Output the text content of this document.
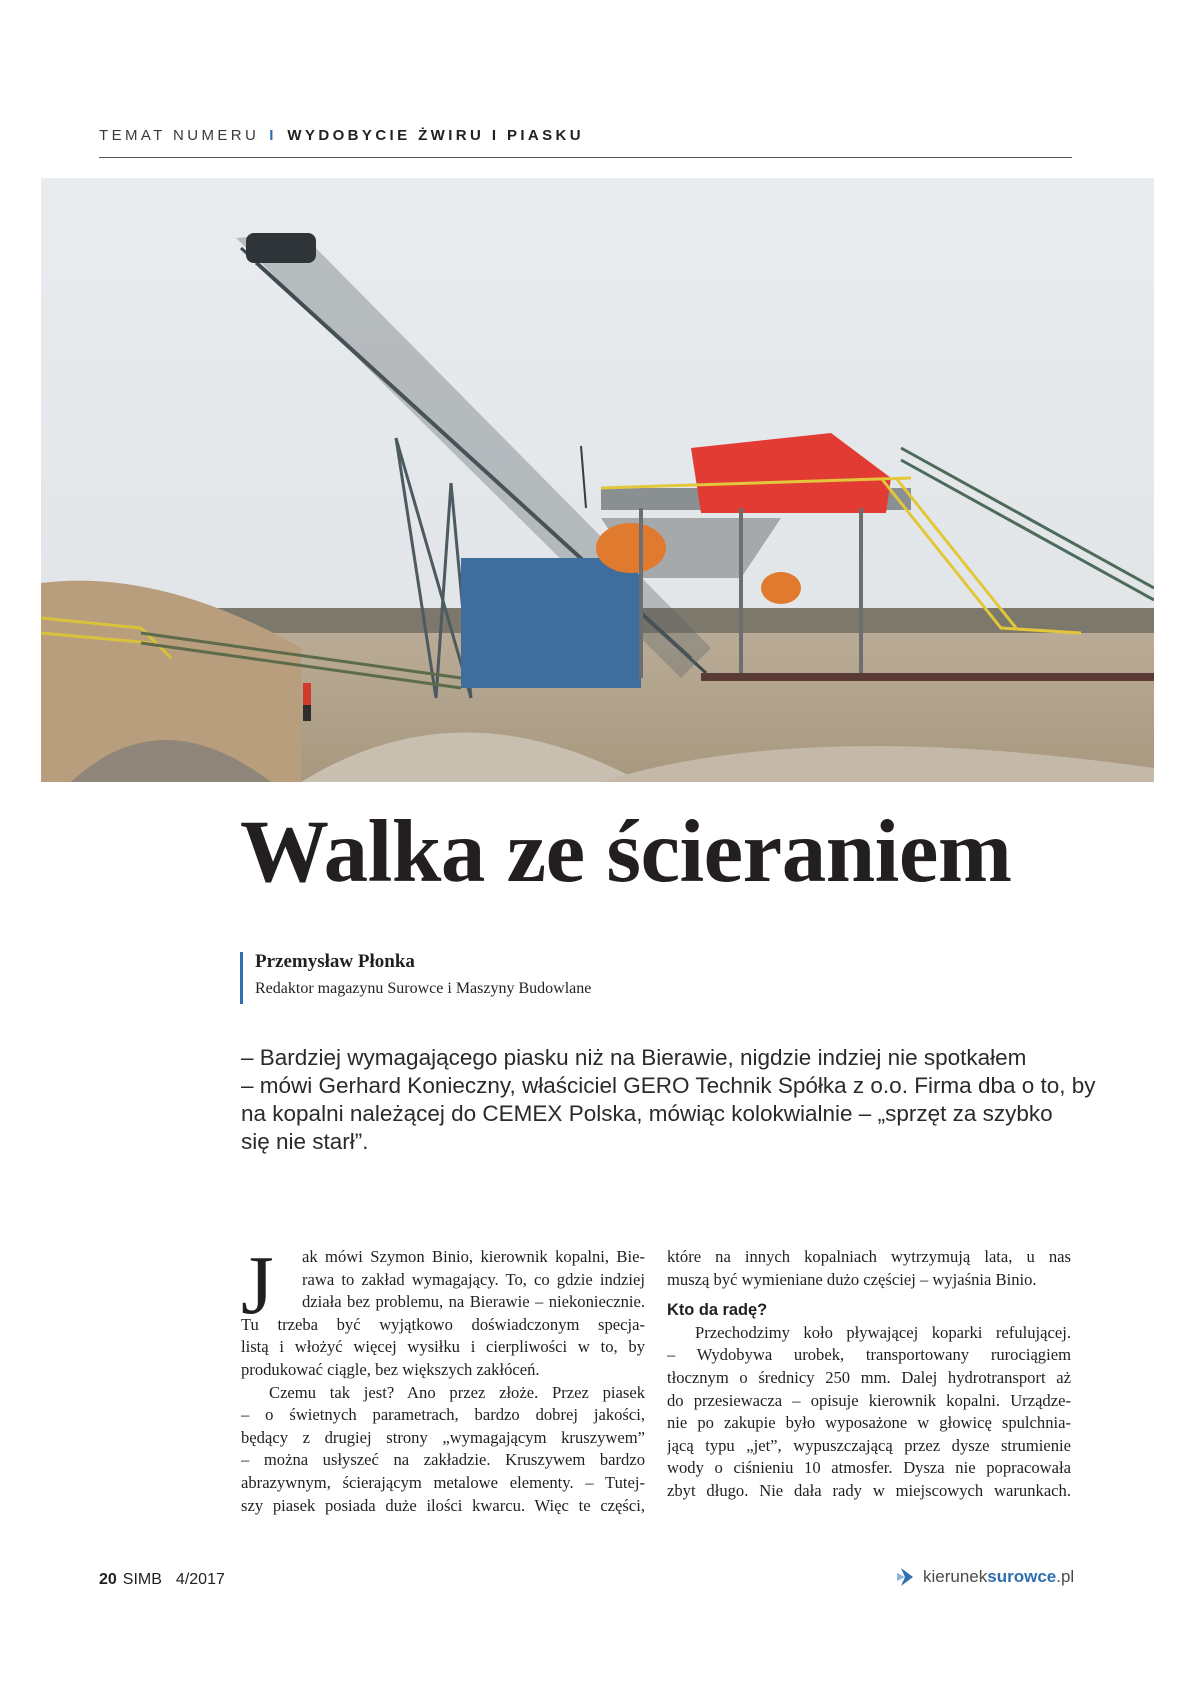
TEMAT NUMERU I WYDOBYCIE ŻWIRU I PIASKU
Walka ze ścieraniem
Przemysław Płonka
Redaktor magazynu Surowce i Maszyny Budowlane
– Bardziej wymagającego piasku niż na Bierawie, nigdzie indziej nie spotkałem
– mówi Gerhard Konieczny, właściciel GERO Technik Spółka z o.o. Firma dba o to, by
na kopalni należącej do CEMEX Polska, mówiąc kolokwialnie – „sprzęt za szybko
się nie starł”.
J	ak mówi Szymon Binio, kierownik kopalni, Bie-
rawa to zakład wymagający. To, co gdzie indziej
działa bez problemu, na Bierawie – niekoniecznie.
Tu trzeba być wyjątkowo doświadczonym specja-
listą i włożyć więcej wysiłku i cierpliwości w to, by
produkować ciągle, bez większych zakłóceń.
Czemu tak jest? Ano przez złoże. Przez piasek
– o świetnych parametrach, bardzo dobrej jakości,
będący z drugiej strony „wymagającym kruszywem”
– można usłyszeć na zakładzie. Kruszywem bardzo
abrazywnym, ścierającym metalowe elementy. – Tutej-
szy piasek posiada duże ilości kwarcu. Więc te części,
które na innych kopalniach wytrzymują lata, u nas
muszą być wymieniane dużo częściej – wyjaśnia Binio.
Kto da radę?
Przechodzimy koło pływającej koparki refulującej.
– Wydobywa urobek, transportowany rurociągiem
tłocznym o średnicy 250 mm. Dalej hydrotransport aż
do przesiewacza – opisuje kierownik kopalni. Urządze-
nie po zakupie było wyposażone w głowicę spulchnia-
jącą typu „jet”, wypuszczającą przez dysze strumienie
wody o ciśnieniu 10 atmosfer. Dysza nie popracowała
zbyt długo. Nie dała rady w miejscowych warunkach.
20 SIMB 4/2017	kierunek surowce .pl
